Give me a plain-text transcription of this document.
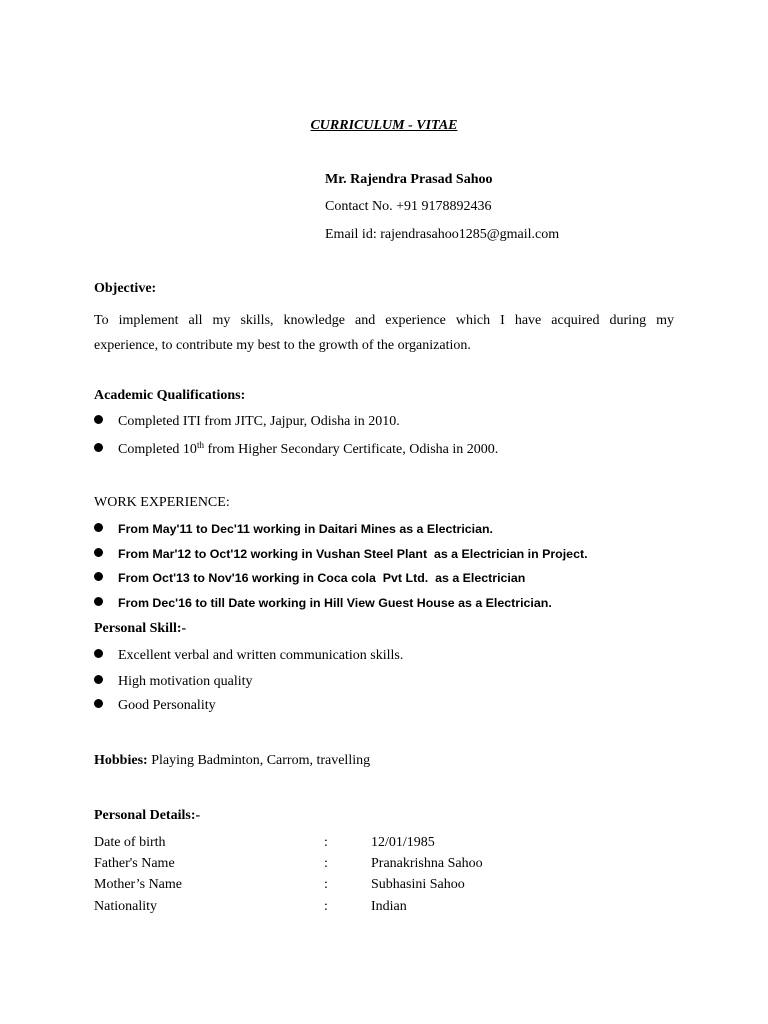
CURRICULUM - VITAE
Mr. Rajendra Prasad Sahoo
Contact No. +91 9178892436
Email id: rajendrasahoo1285@gmail.com
Objective:
To implement all my skills, knowledge and experience which I have acquired during my
experience, to contribute my best to the growth of the organization.
Academic Qualifications:
Completed ITI from JITC, Jajpur, Odisha in 2010.
Completed 10th from Higher Secondary Certificate, Odisha in 2000.
WORK EXPERIENCE:
From May'11 to Dec'11 working in Daitari Mines as a Electrician.
From Mar'12 to Oct'12 working in Vushan Steel Plant  as a Electrician in Project.
From Oct'13 to Nov'16 working in Coca cola  Pvt Ltd.  as a Electrician
From Dec'16 to till Date working in Hill View Guest House as a Electrician.
Personal Skill:-
Excellent verbal and written communication skills.
High motivation quality
Good Personality
Hobbies: Playing Badminton, Carrom, travelling
Personal Details:-
Date of birth	:	12/01/1985
Father's Name	:	Pranakrishna Sahoo
Mother’s Name	:	Subhasini Sahoo
Nationality	:	Indian
